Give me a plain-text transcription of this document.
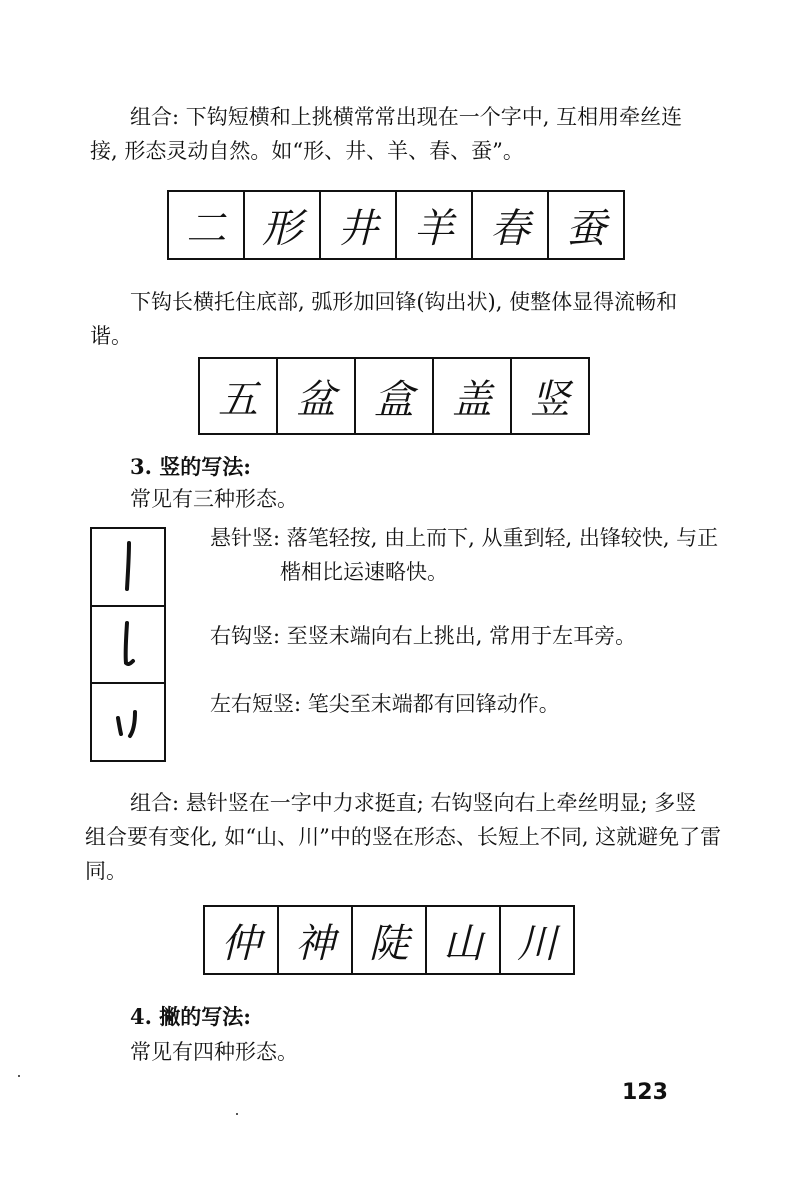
组合: 下钩短横和上挑横常常出现在一个字中, 互相用牵丝连
接, 形态灵动自然。如“形、井、羊、春、蚕”。

二 形 井 羊 春 蚕

下钩长横托住底部, 弧形加回锋(钩出状), 使整体显得流畅和
谐。

五 盆 盒 盖 竖
3. 竖的写法:
常见有三种形态。
悬针竖: 落笔轻按, 由上而下, 从重到轻, 出锋较快, 与正
楷相比运速略快。
右钩竖: 至竖末端向右上挑出, 常用于左耳旁。
左右短竖: 笔尖至末端都有回锋动作。

组合: 悬针竖在一字中力求挺直; 右钩竖向右上牵丝明显; 多竖
组合要有变化, 如“山、川”中的竖在形态、长短上不同, 这就避免了雷
同。

仲 神 陡 山 川
4. 撇的写法:
常见有四种形态。
123
